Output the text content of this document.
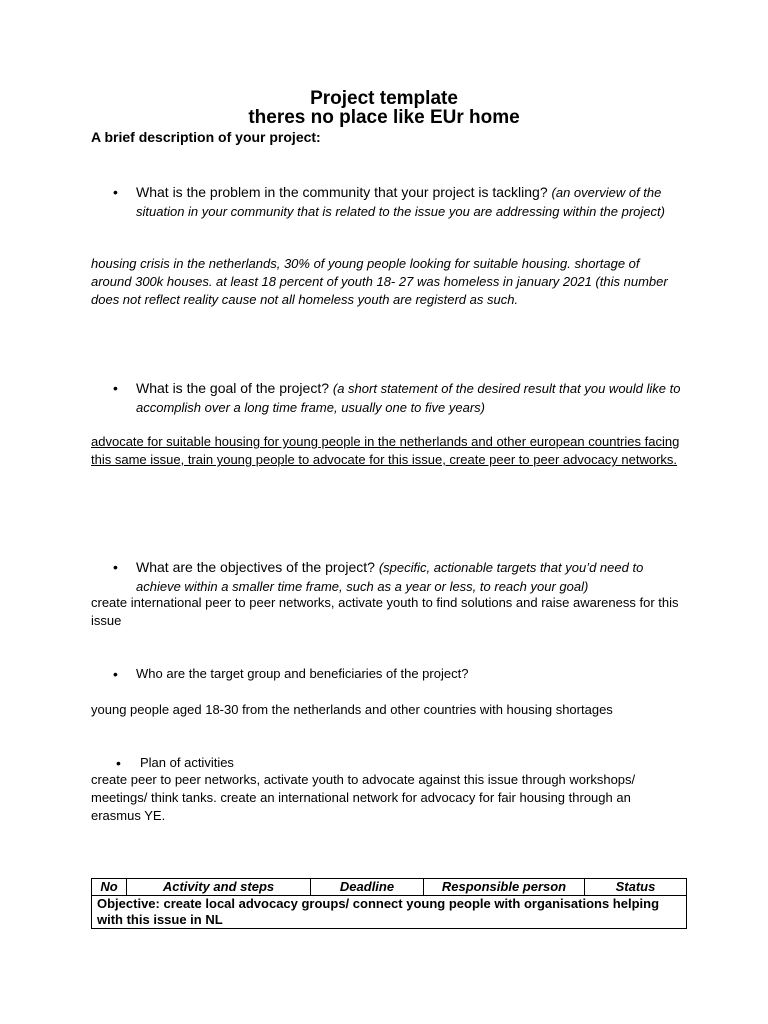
Project template
theres no place like EUr home
A brief description of your project:
• What is the problem in the community that your project is tackling? (an overview of the situation in your community that is related to the issue you are addressing within the project)
housing crisis in the netherlands, 30% of young people looking for suitable housing. shortage of around 300k houses. at least 18 percent of youth 18- 27 was homeless in january 2021 (this number does not reflect reality cause not all homeless youth are registerd as such.
• What is the goal of the project? (a short statement of the desired result that you would like to accomplish over a long time frame, usually one to five years)
advocate for suitable housing for young people in the netherlands and other european countries facing this same issue, train young people to advocate for this issue, create peer to peer advocacy networks.
• What are the objectives of the project? (specific, actionable targets that you’d need to achieve within a smaller time frame, such as a year or less, to reach your goal)
create international peer to peer networks, activate youth to find solutions and raise awareness for this issue
• Who are the target group and beneficiaries of the project?
young people aged 18-30 from the netherlands and other countries with housing shortages
• Plan of activities
create peer to peer networks, activate youth to advocate against this issue through workshops/ meetings/ think tanks. create an international network for advocacy for fair housing through an erasmus YE.
No	Activity and steps	Deadline	Responsible person	Status
Objective: create local advocacy groups/ connect young people with organisations helping with this issue in NL
